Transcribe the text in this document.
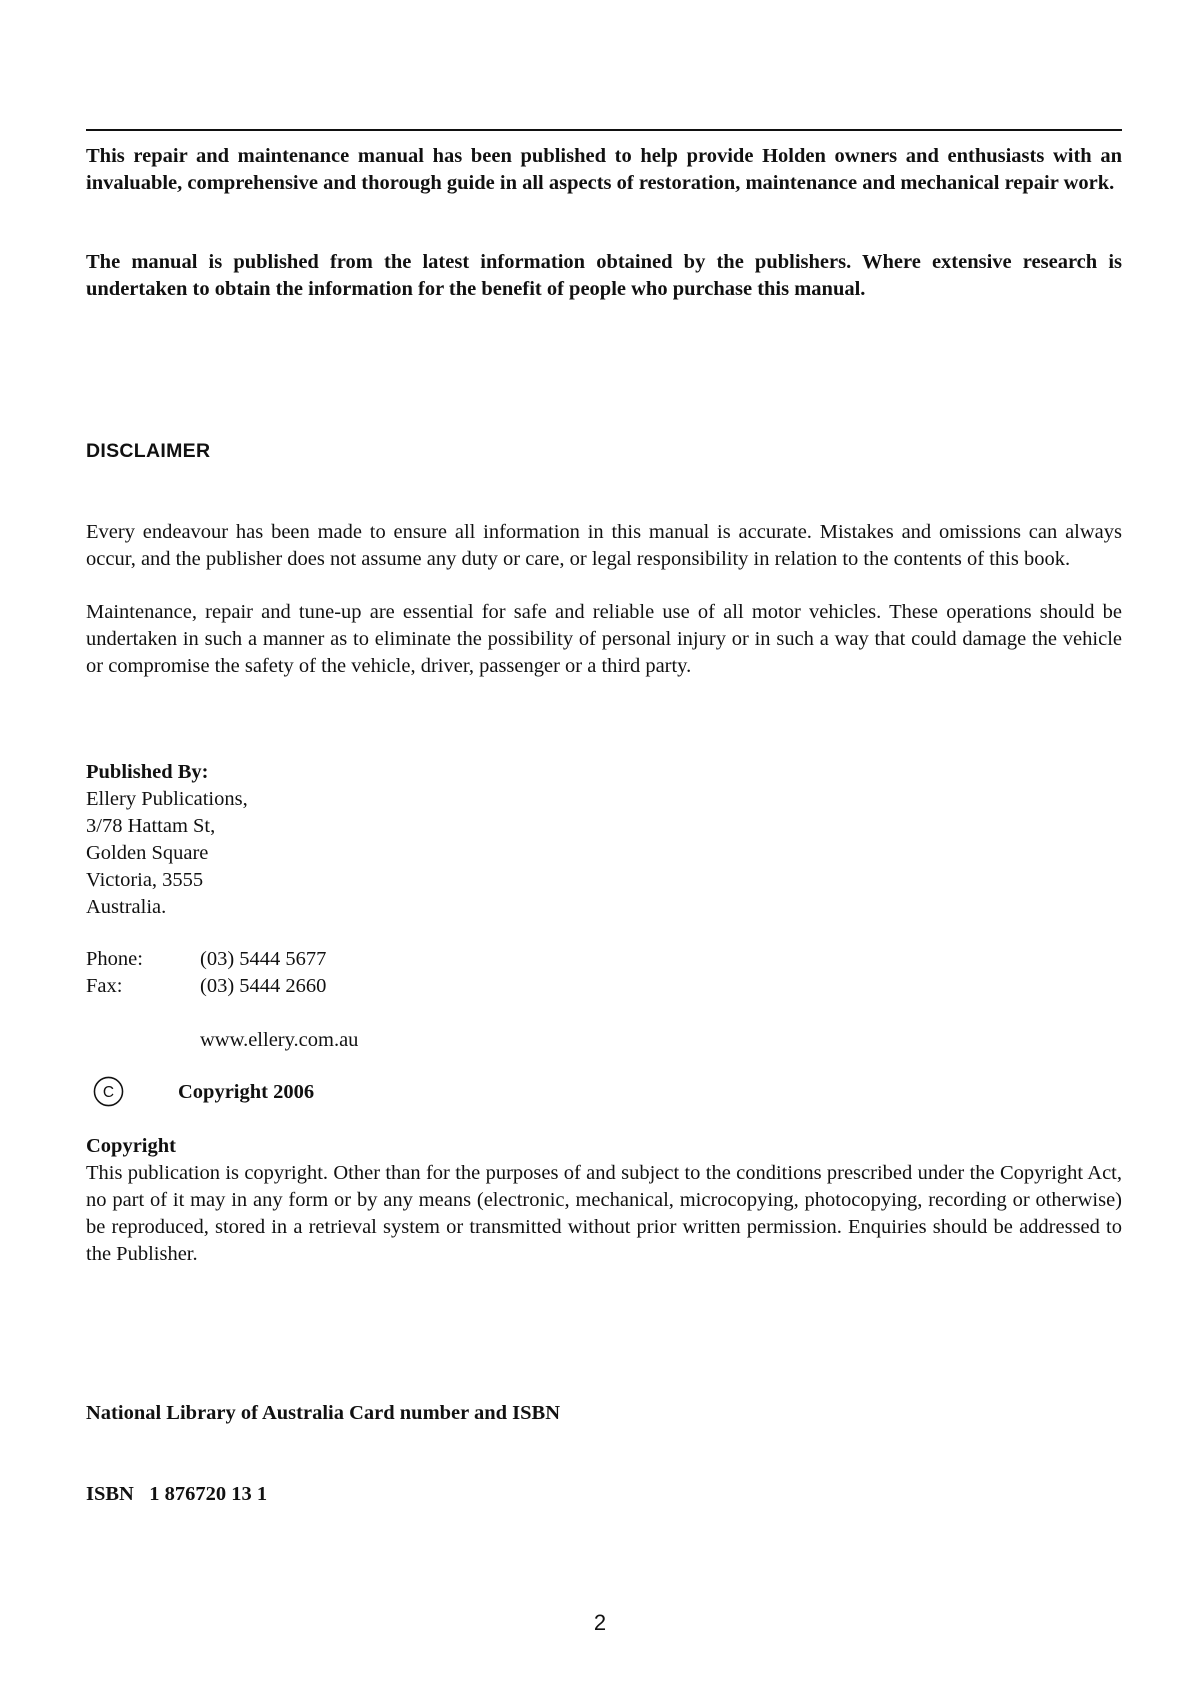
This repair and maintenance manual has been published to help provide Holden owners and enthusiasts with an invaluable, comprehensive and thorough guide in all aspects of restoration, maintenance and mechanical repair work.

The manual is published from the latest information obtained by the publishers. Where extensive research is undertaken to obtain the information for the benefit of people who purchase this manual.

DISCLAIMER

Every endeavour has been made to ensure all information in this manual is accurate. Mistakes and omissions can always occur, and the publisher does not assume any duty or care, or legal responsibility in relation to the contents of this book.

Maintenance, repair and tune-up are essential for safe and reliable use of all motor vehicles. These operations should be undertaken in such a manner as to eliminate the possibility of personal injury or in such a way that could damage the vehicle or compromise the safety of the vehicle, driver, passenger or a third party.

Published By:
Ellery Publications,
3/78 Hattam St,
Golden Square
Victoria, 3555
Australia.
Phone:	(03) 5444 5677
Fax:	(03) 5444 2660
www.ellery.com.au
C	Copyright 2006
Copyright
This publication is copyright. Other than for the purposes of and subject to the conditions prescribed under the Copyright Act, no part of it may in any form or by any means (electronic, mechanical, microcopying, photocopying, recording or otherwise) be reproduced, stored in a retrieval system or transmitted without prior written permission. Enquiries should be addressed to the Publisher.
National Library of Australia Card number and ISBN
ISBN   1 876720 13 1
2
